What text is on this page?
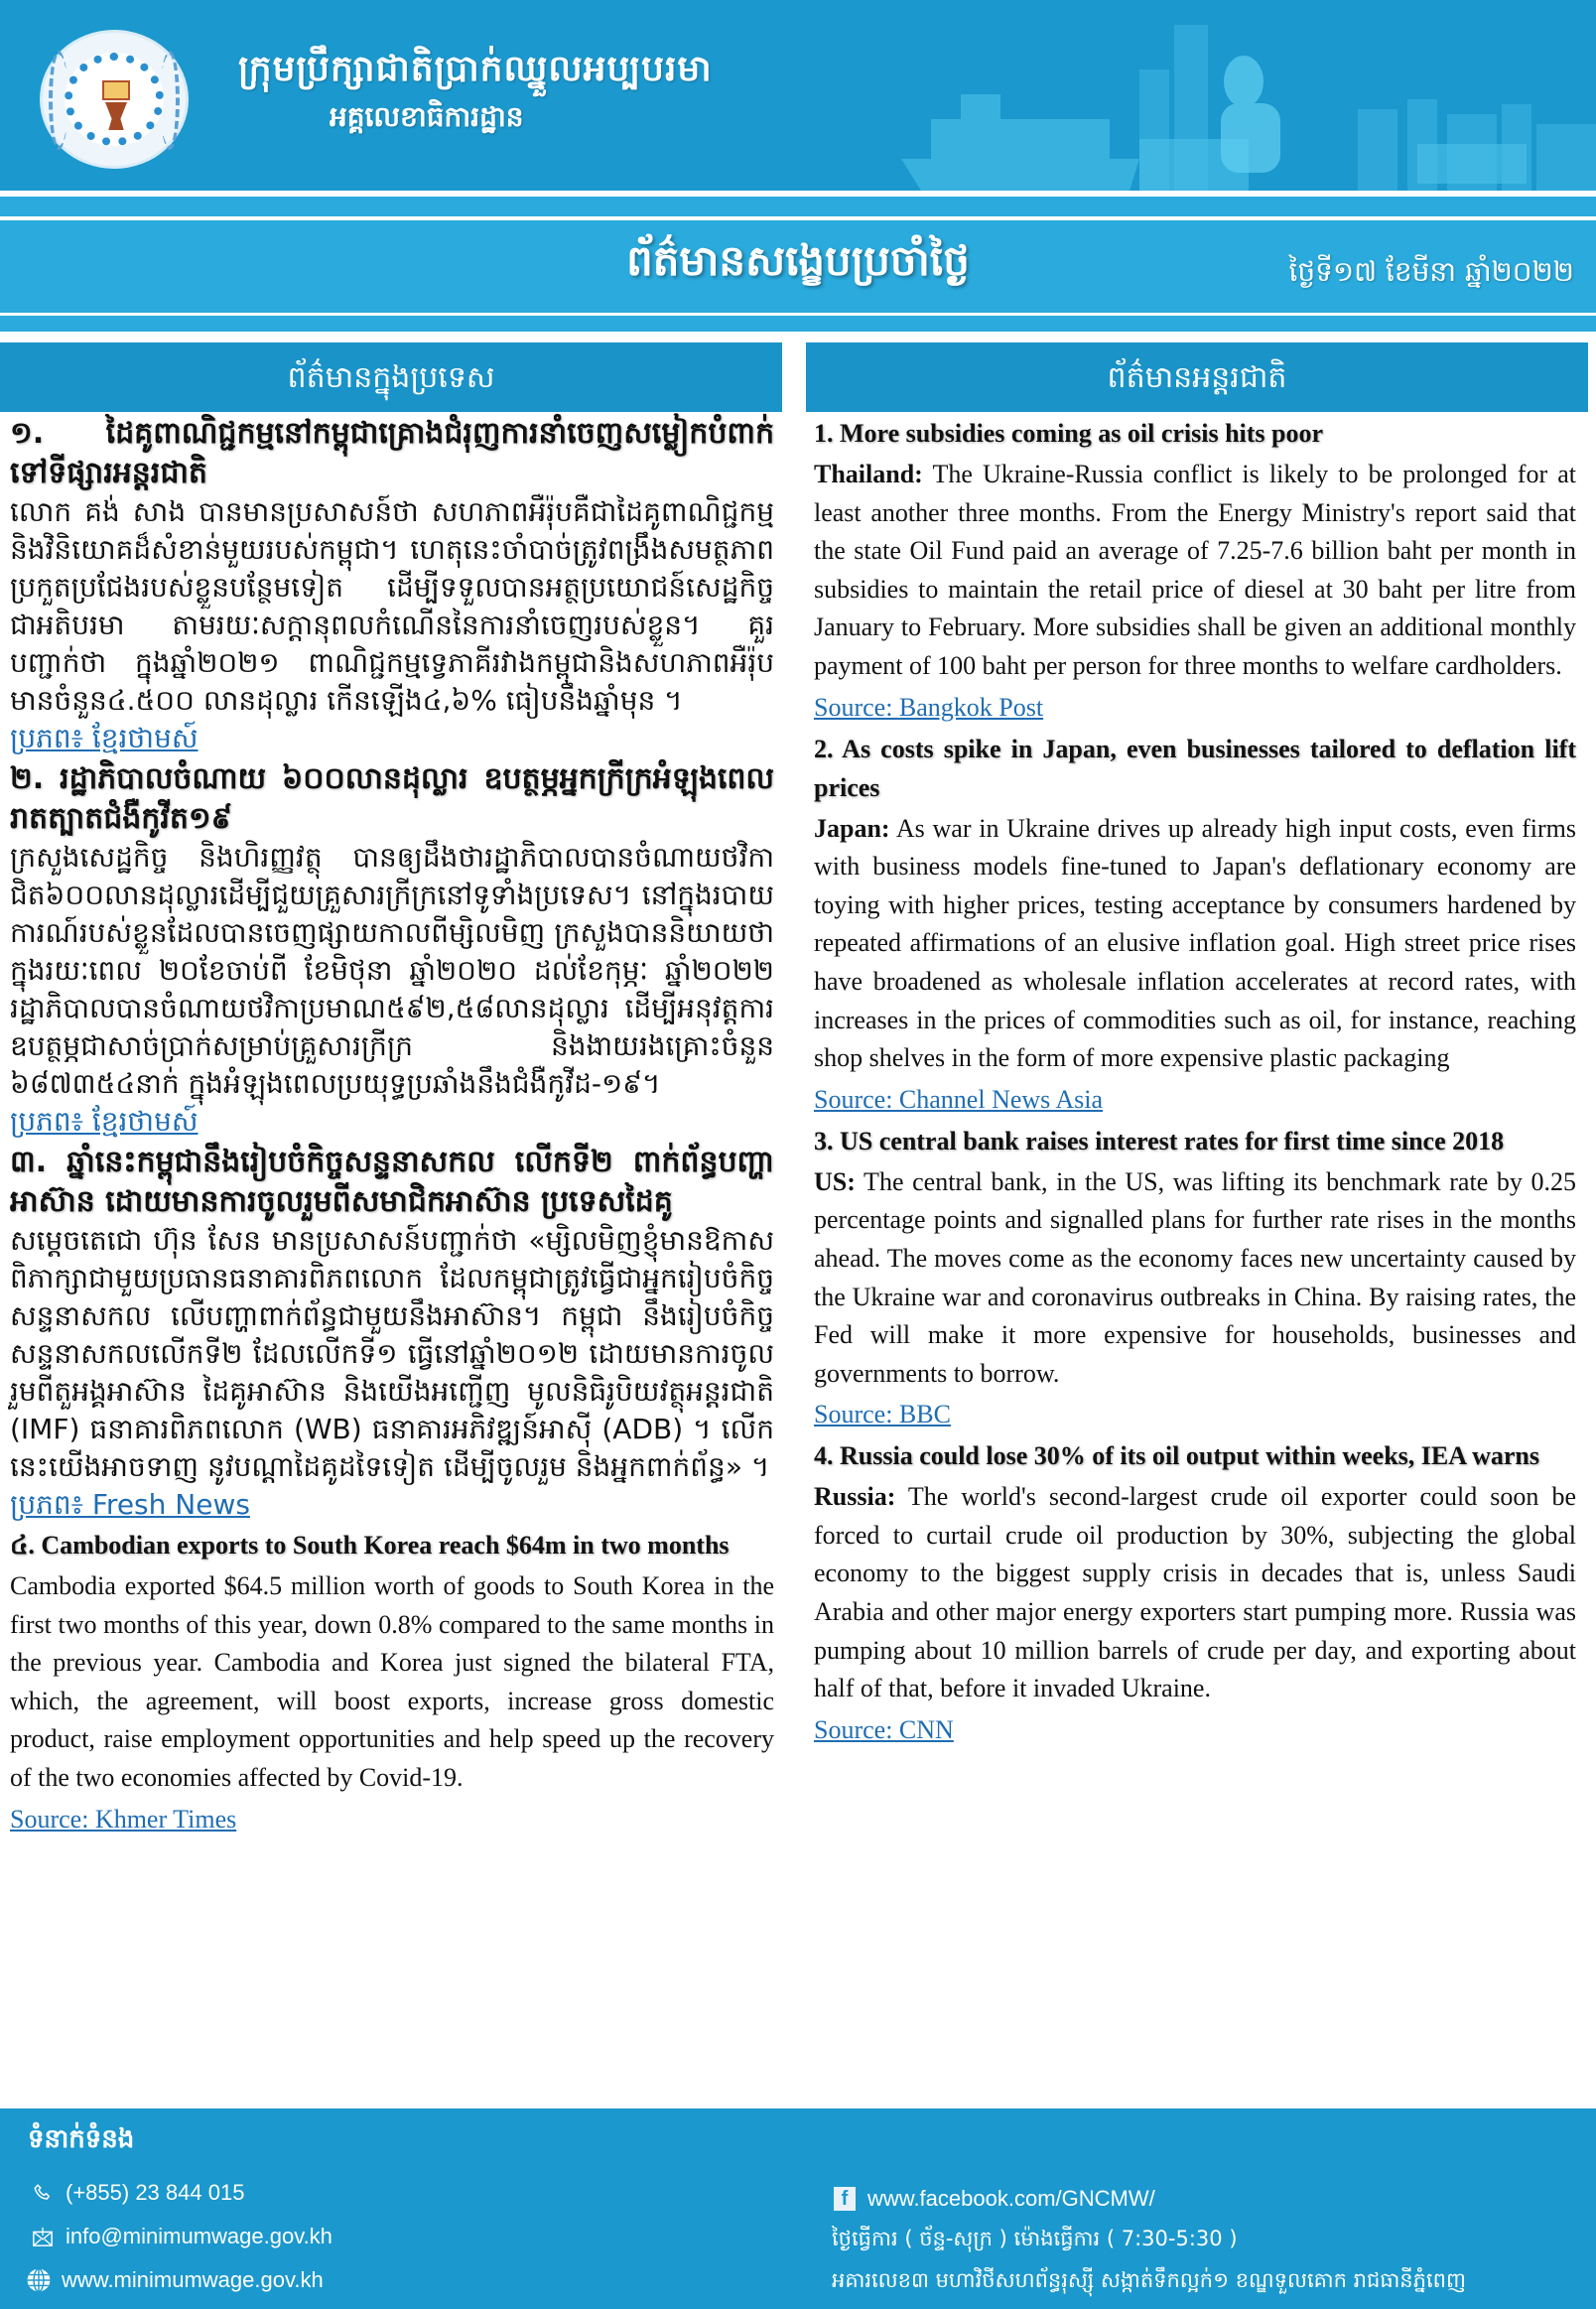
ក្រុមប្រឹក្សាជាតិប្រាក់ឈ្នួលអប្បបរមា
អគ្គលេខាធិការដ្ឋាន
ព័ត៌មានសង្ខេបប្រចាំថ្ងៃ	ថ្ងៃទី១៧ ខែមីនា ឆ្នាំ២០២២
ព័ត៌មានក្នុងប្រទេស
១. ដៃគូពាណិជ្ជកម្មនៅកម្ពុជាគ្រោងជំរុញការនាំចេញសម្លៀកបំពាក់ទៅទីផ្សារអន្តរជាតិ
លោក គង់ សាង បានមានប្រសាសន៍ថា សហភាពអឺរ៉ុបគឺជាដៃគូពាណិជ្ជកម្ម និងវិនិយោគដ៏សំខាន់មួយរបស់កម្ពុជា។ ហេតុនេះចាំបាច់ត្រូវពង្រឹងសមត្ថភាពប្រកួតប្រជែងរបស់ខ្លួនបន្ថែមទៀត ដើម្បីទទួលបានអត្ថប្រយោជន៍សេដ្ឋកិច្ចជាអតិបរមា តាមរយៈសក្តានុពលកំណើននៃការនាំចេញរបស់ខ្លួន។ គួរបញ្ជាក់ថា ក្នុងឆ្នាំ២០២១ ពាណិជ្ជកម្មទ្វេភាគីរវាងកម្ពុជានិងសហភាពអឺរ៉ុបមានចំនួន៤.៥០០ លានដុល្លារ កើនឡើង៤,៦% ធៀបនឹងឆ្នាំមុន ។
ប្រភព៖ ខ្មែរថាមស៍
២. រដ្ឋាភិបាលចំណាយ ៦០០លានដុល្លារ ឧបត្ថម្ភអ្នកក្រីក្រអំឡុងពេលរាតត្បាតជំងឺកូវីត១៩
ក្រសួងសេដ្ឋកិច្ច និងហិរញ្ញវត្ថុ បានឲ្យដឹងថារដ្ឋាភិបាលបានចំណាយថវិកាជិត៦០០លានដុល្លារដើម្បីជួយគ្រួសារក្រីក្រនៅទូទាំងប្រទេស។ នៅក្នុងរបាយការណ៍របស់ខ្លួនដែលបានចេញផ្សាយកាលពីម្សិលមិញ ក្រសួងបាននិយាយថាក្នុងរយៈពេល ២០ខែចាប់ពី ខែមិថុនា ឆ្នាំ២០២០ ដល់ខែកុម្ភៈ ឆ្នាំ២០២២ រដ្ឋាភិបាលបានចំណាយថវិកាប្រមាណ៥៩២,៥៨លានដុល្លារ ដើម្បីអនុវត្តការឧបត្ថម្ភជាសាច់ប្រាក់សម្រាប់គ្រួសារក្រីក្រ និងងាយរងគ្រោះចំនួន ៦៨៧៣៥៤នាក់ ក្នុងអំឡុងពេលប្រយុទ្ធប្រឆាំងនឹងជំងឺកូវីដ-១៩។
ប្រភព៖ ខ្មែរថាមស៍
៣. ឆ្នាំនេះកម្ពុជានឹងរៀបចំកិច្ចសន្ទនាសកល លើកទី២ ពាក់ព័ន្ធបញ្ហាអាស៊ាន ដោយមានការចូលរួមពីសមាជិកអាស៊ាន ប្រទេសដៃគូ
សម្តេចតេជោ ហ៊ុន សែន មានប្រសាសន៍បញ្ជាក់ថា «ម្សិលមិញខ្ញុំមានឱកាសពិភាក្សាជាមួយប្រធានធនាគារពិភពលោក ដែលកម្ពុជាត្រូវធ្វើជាអ្នករៀបចំកិច្ចសន្ទនាសកល លើបញ្ហាពាក់ព័ន្ធជាមួយនឹងអាស៊ាន។ កម្ពុជា នឹងរៀបចំកិច្ចសន្ទនាសកលលើកទី២ ដែលលើកទី១ ធ្វើនៅឆ្នាំ២០១២ ដោយមានការចូលរួមពីតួអង្គអាស៊ាន ដៃគូអាស៊ាន និងយើងអញ្ជើញ មូលនិធិរូបិយវត្ថុអន្តរជាតិ (IMF) ធនាគារពិភពលោក (WB) ធនាគារអភិវឌ្ឍន៍អាស៊ី (ADB) ។ លើកនេះយើងអាចទាញ នូវបណ្តាដៃគូដទៃទៀត ដើម្បីចូលរួម និងអ្នកពាក់ព័ន្ធ» ។
ប្រភព៖ Fresh News
៤. Cambodian exports to South Korea reach $64m in two months
Cambodia exported $64.5 million worth of goods to South Korea in the first two months of this year, down 0.8% compared to the same months in the previous year. Cambodia and Korea just signed the bilateral FTA, which, the agreement, will boost exports, increase gross domestic product, raise employment opportunities and help speed up the recovery of the two economies affected by Covid-19.
Source: Khmer Times
ព័ត៌មានអន្តរជាតិ
1. More subsidies coming as oil crisis hits poor
Thailand: The Ukraine-Russia conflict is likely to be prolonged for at least another three months. From the Energy Ministry's report said that the state Oil Fund paid an average of 7.25-7.6 billion baht per month in subsidies to maintain the retail price of diesel at 30 baht per litre from January to February. More subsidies shall be given an additional monthly payment of 100 baht per person for three months to welfare cardholders.
Source: Bangkok Post
2. As costs spike in Japan, even businesses tailored to deflation lift prices
Japan: As war in Ukraine drives up already high input costs, even firms with business models fine-tuned to Japan's deflationary economy are toying with higher prices, testing acceptance by consumers hardened by repeated affirmations of an elusive inflation goal. High street price rises have broadened as wholesale inflation accelerates at record rates, with increases in the prices of commodities such as oil, for instance, reaching shop shelves in the form of more expensive plastic packaging
Source: Channel News Asia
3. US central bank raises interest rates for first time since 2018
US: The central bank, in the US, was lifting its benchmark rate by 0.25 percentage points and signalled plans for further rate rises in the months ahead. The moves come as the economy faces new uncertainty caused by the Ukraine war and coronavirus outbreaks in China. By raising rates, the Fed will make it more expensive for households, businesses and governments to borrow.
Source: BBC
4. Russia could lose 30% of its oil output within weeks, IEA warns
Russia: The world's second-largest crude oil exporter could soon be forced to curtail crude oil production by 30%, subjecting the global economy to the biggest supply crisis in decades that is, unless Saudi Arabia and other major energy exporters start pumping more. Russia was pumping about 10 million barrels of crude per day, and exporting about half of that, before it invaded Ukraine.
Source: CNN
ទំនាក់ទំនង
(+855) 23 844 015
info@minimumwage.gov.kh
www.minimumwage.gov.kh
f www.facebook.com/GNCMW/
ថ្ងៃធ្វើការ ( ច័ន្ទ-សុក្រ ) ម៉ោងធ្វើការ ( 7:30-5:30 )
អគារលេខ៣ មហាវិថីសហព័ន្ធរុស្ស៊ី សង្កាត់ទឹកល្អក់១ ខណ្ឌទួលគោក រាជធានីភ្នំពេញ
